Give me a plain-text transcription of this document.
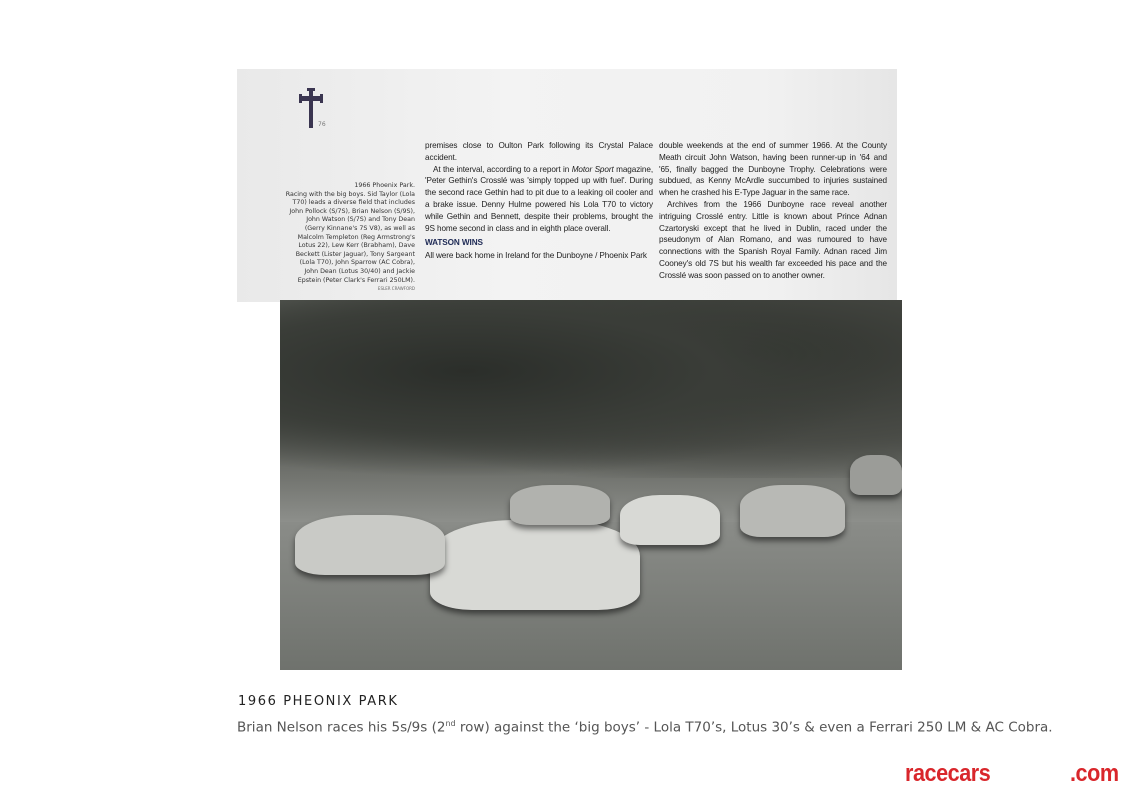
76
1966 Phoenix Park.
Racing with the big boys. Sid Taylor (Lola T70) leads a diverse field that includes John Pollock (S/7S), Brian Nelson (S/9S), John Watson (S/7S) and Tony Dean (Gerry Kinnane's 7S V8), as well as Malcolm Templeton (Reg Armstrong's Lotus 22), Lew Kerr (Brabham), Dave Beckett (Lister Jaguar), Tony Sargeant (Lola T70), John Sparrow (AC Cobra), John Dean (Lotus 30/40) and Jackie Epstein (Peter Clark's Ferrari 250LM).
ESLER CRAWFORD

premises close to Oulton Park following its Crystal Palace accident.

At the interval, according to a report in Motor Sport magazine, 'Peter Gethin's Crosslé was 'simply topped up with fuel'. During the second race Gethin had to pit due to a leaking oil cooler and a brake issue. Denny Hulme powered his Lola T70 to victory while Gethin and Bennett, despite their problems, brought the 9S home second in class and in eighth place overall.

WATSON WINS

All were back home in Ireland for the Dunboyne / Phoenix Park

double weekends at the end of summer 1966. At the County Meath circuit John Watson, having been runner-up in '64 and '65, finally bagged the Dunboyne Trophy. Celebrations were subdued, as Kenny McArdle succumbed to injuries sustained when he crashed his E-Type Jaguar in the same race.

Archives from the 1966 Dunboyne race reveal another intriguing Crosslé entry. Little is known about Prince Adnan Czartoryski except that he lived in Dublin, raced under the pseudonym of Alan Romano, and was rumoured to have connections with the Spanish Royal Family. Adnan raced Jim Cooney's old 7S but his wealth far exceeded his pace and the Crosslé was soon passed on to another owner.

1966 PHEONIX PARK
Brian Nelson races his 5s/9s (2nd row) against the ‘big boys’ - Lola T70’s, Lotus 30’s & even a Ferrari 250 LM & AC Cobra.
racecars	.com
